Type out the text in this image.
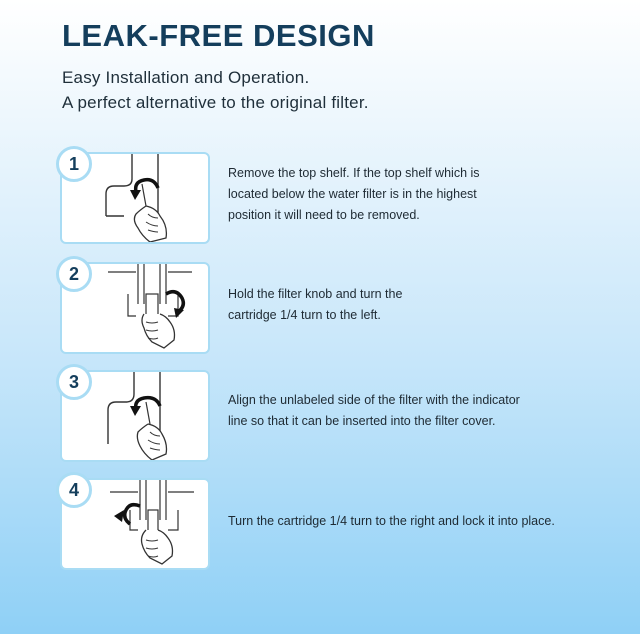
LEAK-FREE DESIGN
Easy Installation and Operation.
A perfect alternative to the original filter.
1	Remove the top shelf. If the top shelf which is
located below the water filter is in the highest
position it will need to be removed.
2
Hold the filter knob and turn the
cartridge 1/4 turn to the left.
3
Align the unlabeled side of the filter with the indicator
line so that it can be inserted into the filter cover.
4
Turn the cartridge 1/4 turn to the right and lock it into place.
